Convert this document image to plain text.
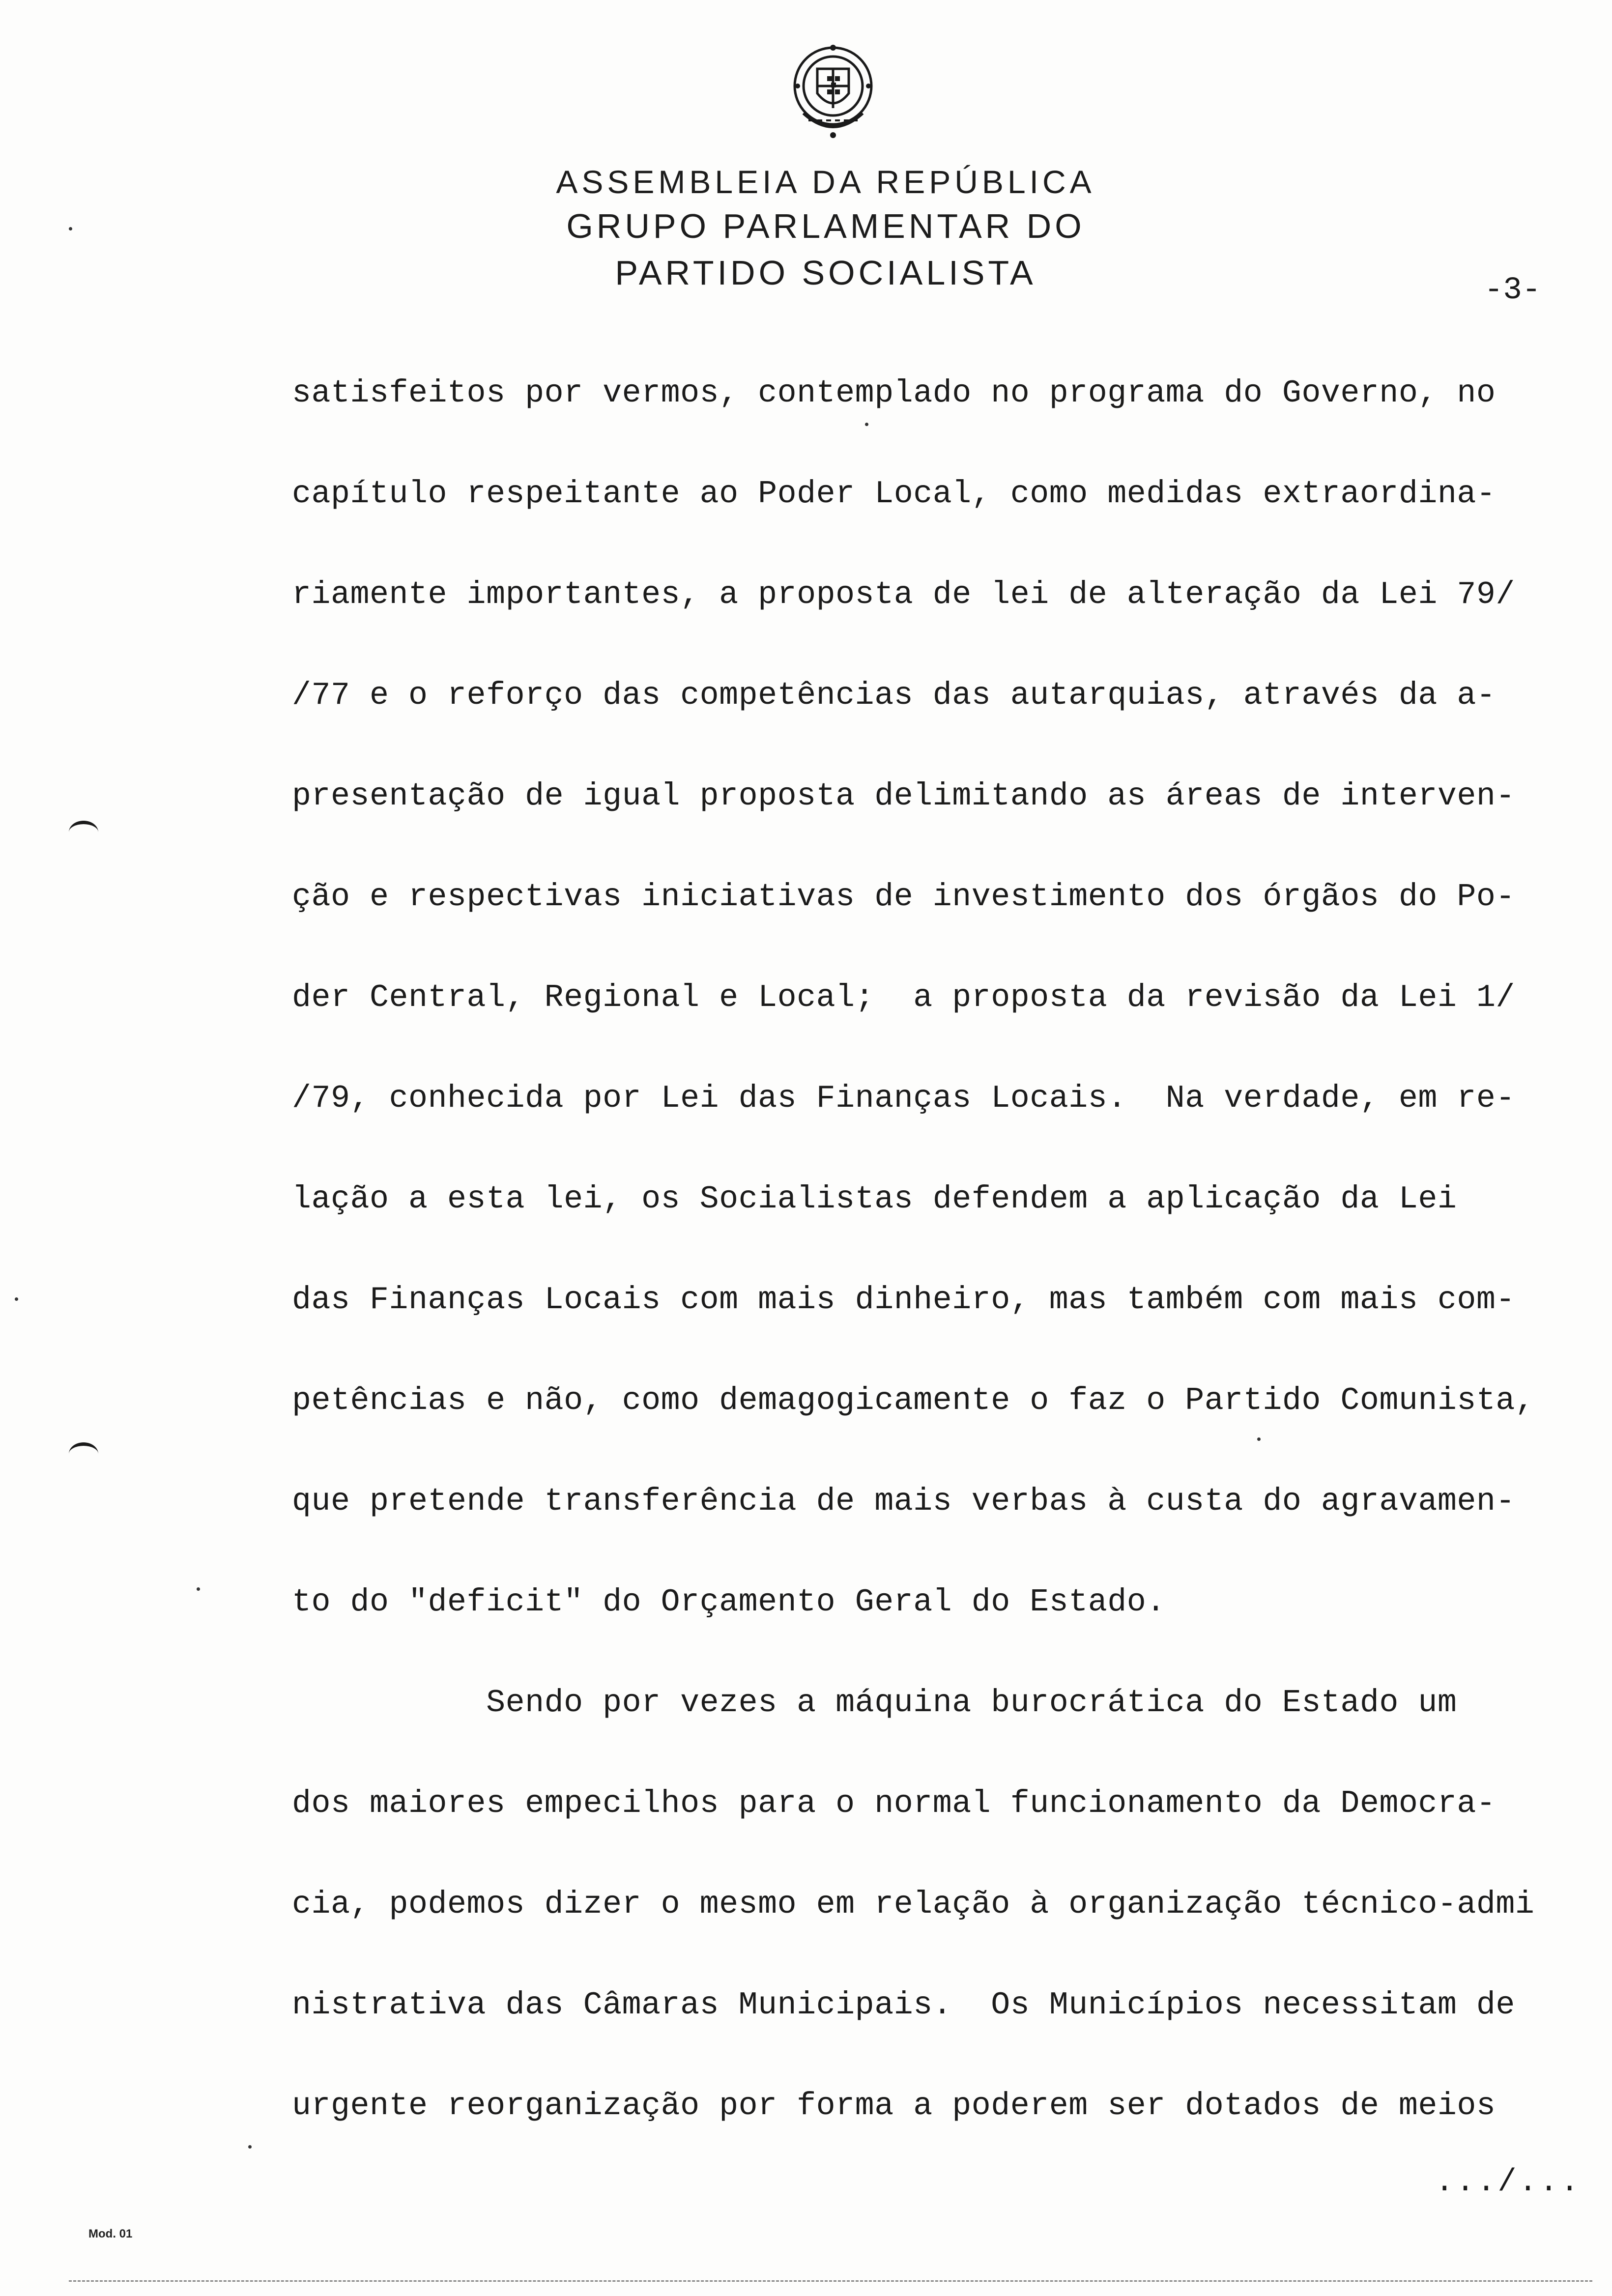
ASSEMBLEIA DA REPÚBLICA
GRUPO PARLAMENTAR DO
PARTIDO SOCIALISTA	-3-
satisfeitos por vermos, contemplado no programa do Governo, no
capítulo respeitante ao Poder Local, como medidas extraordina-
riamente importantes, a proposta de lei de alteração da Lei 79/
/77 e o reforço das competências das autarquias, através da a-
presentação de igual proposta delimitando as áreas de interven-
ção e respectivas iniciativas de investimento dos órgãos do Po-
der Central, Regional e Local;  a proposta da revisão da Lei 1/
/79, conhecida por Lei das Finanças Locais.  Na verdade, em re-
lação a esta lei, os Socialistas defendem a aplicação da Lei
das Finanças Locais com mais dinheiro, mas também com mais com-
petências e não, como demagogicamente o faz o Partido Comunista,
que pretende transferência de mais verbas à custa do agravamen-
to do "deficit" do Orçamento Geral do Estado.
Sendo por vezes a máquina burocrática do Estado um
dos maiores empecilhos para o normal funcionamento da Democra-
cia, podemos dizer o mesmo em relação à organização técnico-admi
nistrativa das Câmaras Municipais.  Os Municípios necessitam de
urgente reorganização por forma a poderem ser dotados de meios
.../...
Mod. 01
